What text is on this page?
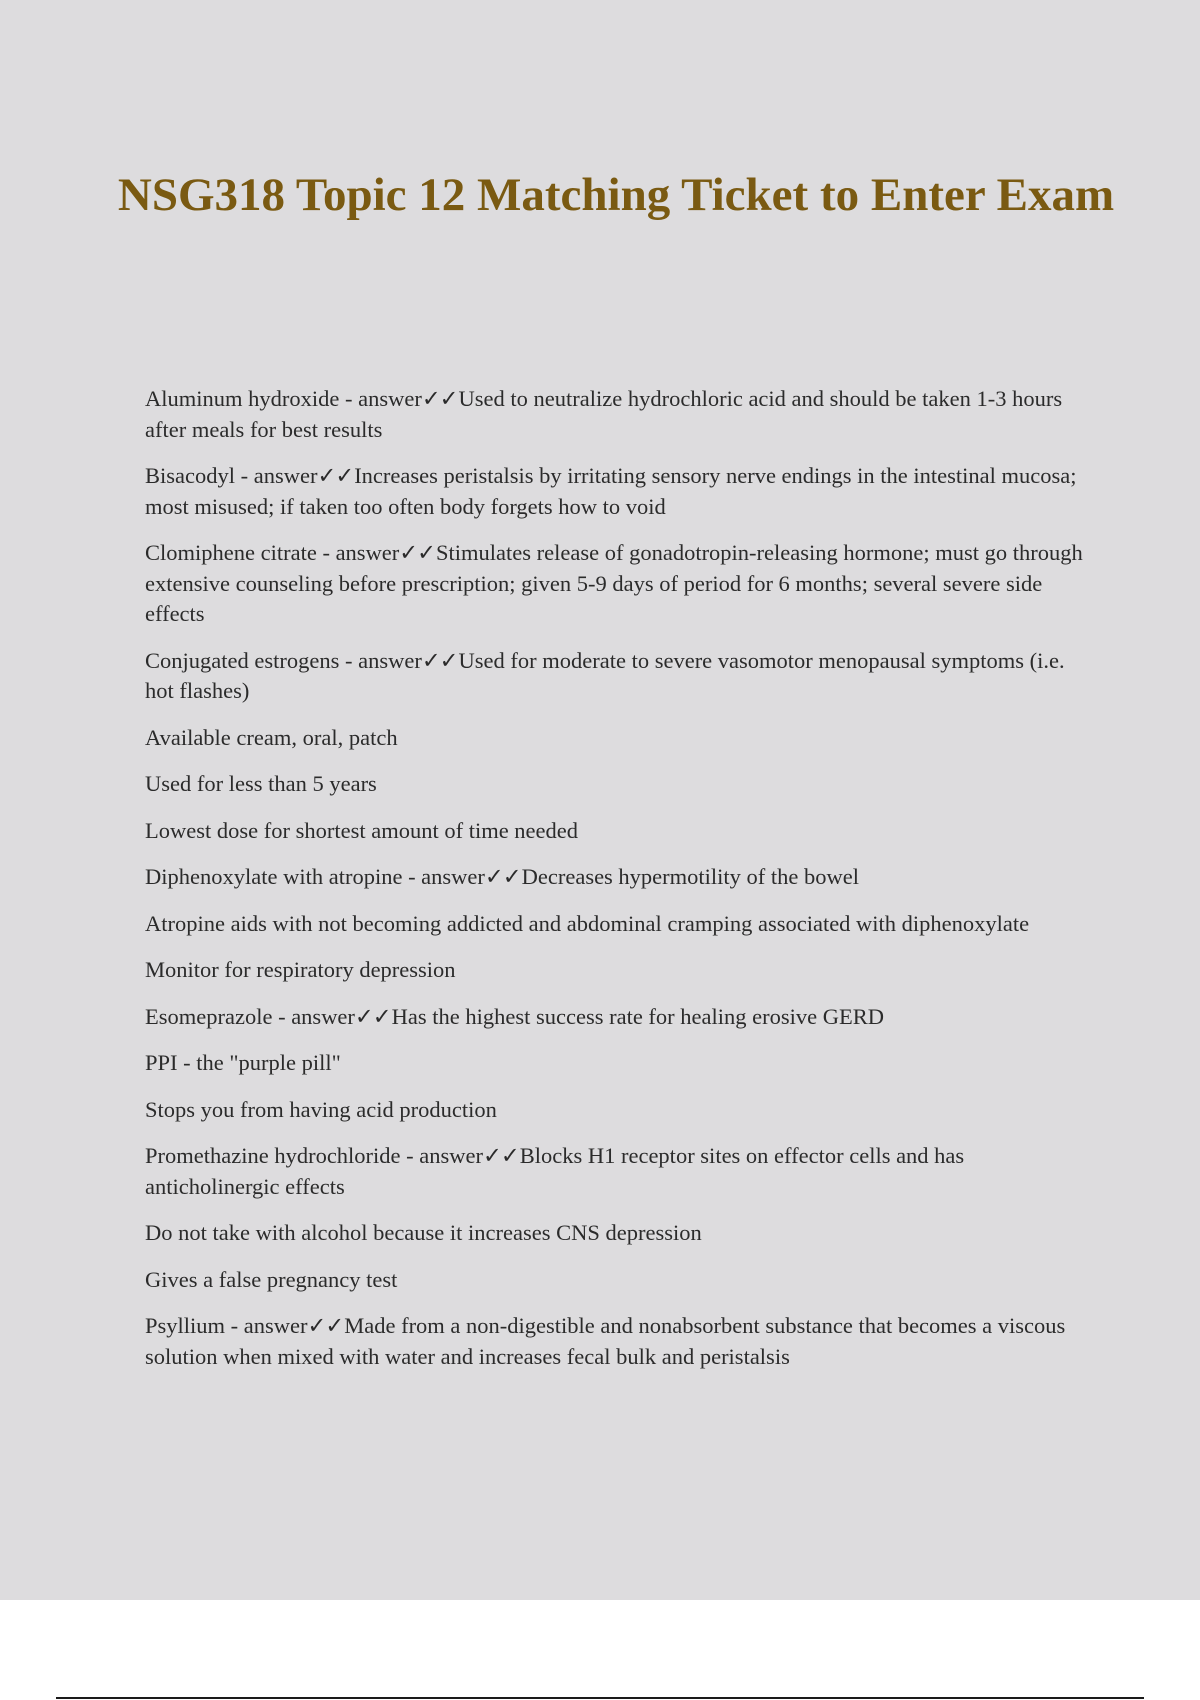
NSG318 Topic 12 Matching Ticket to Enter Exam

Aluminum hydroxide - answer✓✓Used to neutralize hydrochloric acid and should be taken 1-3 hours after meals for best results

Bisacodyl - answer✓✓Increases peristalsis by irritating sensory nerve endings in the intestinal mucosa; most misused; if taken too often body forgets how to void

Clomiphene citrate - answer✓✓Stimulates release of gonadotropin-releasing hormone; must go through extensive counseling before prescription; given 5-9 days of period for 6 months; several severe side effects

Conjugated estrogens - answer✓✓Used for moderate to severe vasomotor menopausal symptoms (i.e. hot flashes)

Available cream, oral, patch

Used for less than 5 years

Lowest dose for shortest amount of time needed

Diphenoxylate with atropine - answer✓✓Decreases hypermotility of the bowel

Atropine aids with not becoming addicted and abdominal cramping associated with diphenoxylate

Monitor for respiratory depression

Esomeprazole - answer✓✓Has the highest success rate for healing erosive GERD

PPI - the "purple pill"

Stops you from having acid production

Promethazine hydrochloride - answer✓✓Blocks H1 receptor sites on effector cells and has anticholinergic effects

Do not take with alcohol because it increases CNS depression

Gives a false pregnancy test

Psyllium - answer✓✓Made from a non-digestible and nonabsorbent substance that becomes a viscous solution when mixed with water and increases fecal bulk and peristalsis
